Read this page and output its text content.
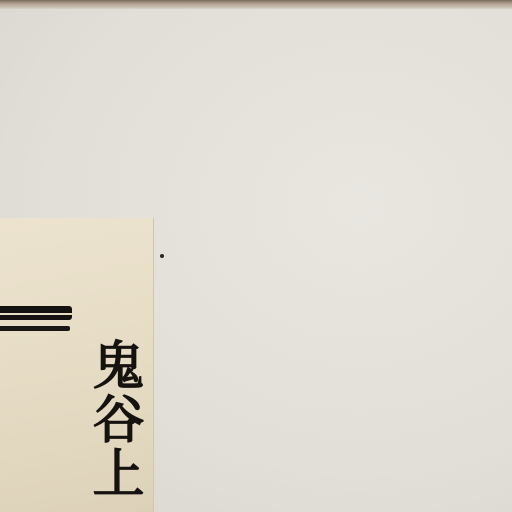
鬼谷上
